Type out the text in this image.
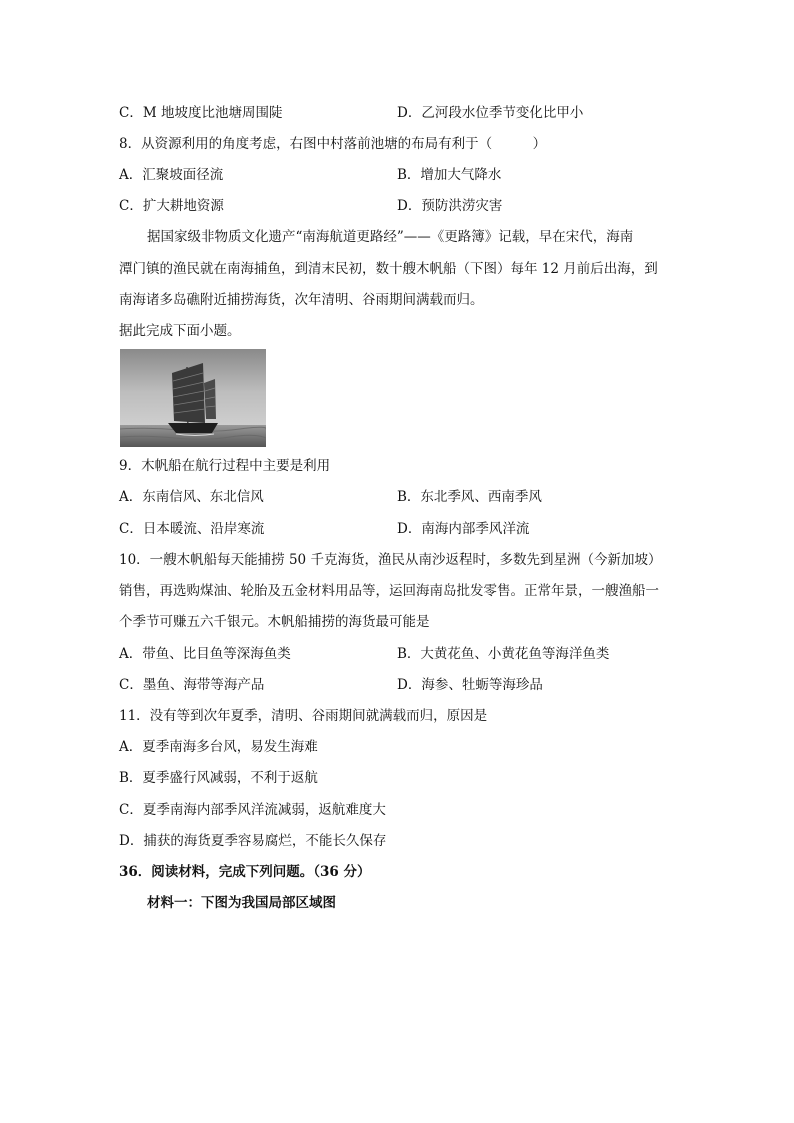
C．M 地坡度比池塘周围陡	D．乙河段水位季节变化比甲小
8．从资源利用的角度考虑，右图中村落前池塘的布局有利于（　　　）
A．汇聚坡面径流	B．增加大气降水
C．扩大耕地资源	D．预防洪涝灾害
据国家级非物质文化遗产“南海航道更路经”——《更路簿》记载，早在宋代，海南
潭门镇的渔民就在南海捕鱼，到清末民初，数十艘木帆船（下图）每年 12 月前后出海，到
南海诸多岛礁附近捕捞海货，次年清明、谷雨期间满载而归。
据此完成下面小题。
9．木帆船在航行过程中主要是利用
A．东南信风、东北信风	B．东北季风、西南季风
C．日本暖流、沿岸寒流	D．南海内部季风洋流
10．一艘木帆船每天能捕捞 50 千克海货，渔民从南沙返程时，多数先到星洲（今新加坡）
销售，再选购煤油、轮胎及五金材料用品等，运回海南岛批发零售。正常年景，一艘渔船一
个季节可赚五六千银元。木帆船捕捞的海货最可能是
A．带鱼、比目鱼等深海鱼类	B．大黄花鱼、小黄花鱼等海洋鱼类
C．墨鱼、海带等海产品	D．海参、牡蛎等海珍品
11．没有等到次年夏季，清明、谷雨期间就满载而归，原因是
A．夏季南海多台风，易发生海难
B．夏季盛行风减弱，不利于返航
C．夏季南海内部季风洋流减弱，返航难度大
D．捕获的海货夏季容易腐烂，不能长久保存
36．阅读材料，完成下列问题。（36 分）
材料一：下图为我国局部区域图
